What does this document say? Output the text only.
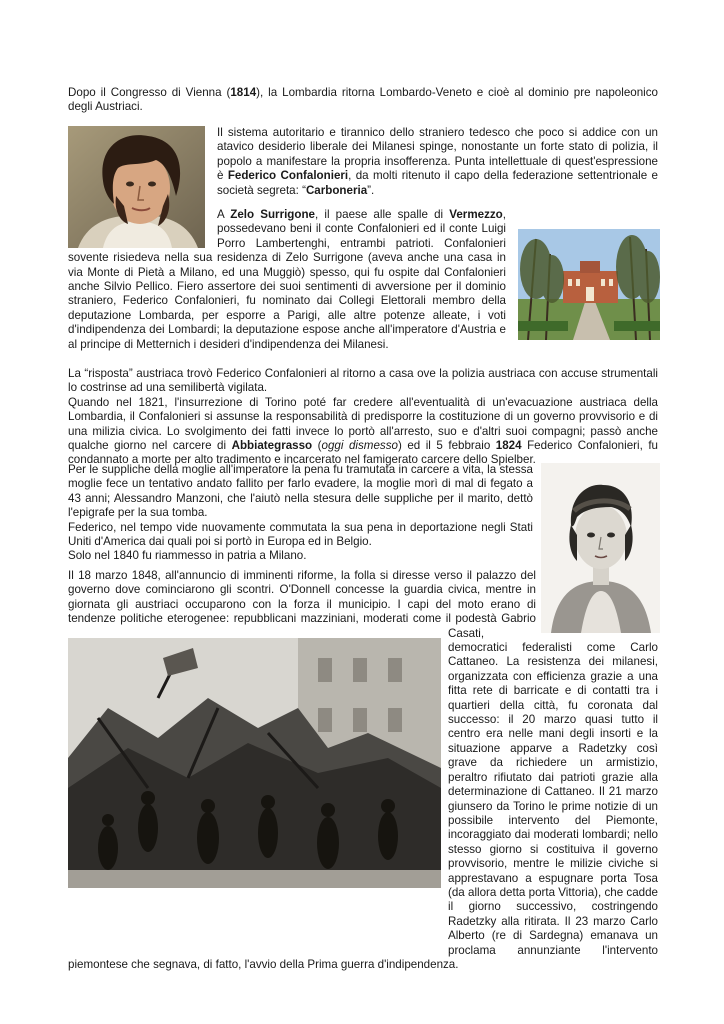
Dopo il Congresso di Vienna (1814), la Lombardia ritorna Lombardo-Veneto e cioè al dominio pre napoleonico degli Austriaci.

Il sistema autoritario e tirannico dello straniero tedesco che poco si addice con un atavico desiderio liberale dei Milanesi spinge, nonostante un forte stato di polizia, il popolo a manifestare la propria insofferenza. Punta intellettuale di quest'espressione è Federico Confalonieri, da molti ritenuto il capo della federazione settentrionale e società segreta: “Carboneria”.

A Zelo Surrigone, il paese alle spalle di Vermezzo, possedevano beni il conte Confalonieri ed il conte Luigi Porro Lambertenghi, entrambi patrioti. Confalonieri sovente risiedeva nella sua residenza di Zelo Surrigone (aveva anche una casa in via Monte di Pietà a Milano, ed una Muggiò) spesso, qui fu ospite dal Confalonieri anche Silvio Pellico. Fiero assertore dei suoi sentimenti di avversione per il dominio straniero, Federico Confalonieri, fu nominato dai Collegi Elettorali membro della deputazione Lombarda, per esporre a Parigi, alle altre potenze alleate, i voti d'indipendenza dei Lombardi; la deputazione espose anche all'imperatore d'Austria e al principe di Metternich i desideri d'indipendenza dei Milanesi.

La “risposta” austriaca trovò Federico Confalonieri al ritorno a casa ove la polizia austriaca con accuse strumentali lo costrinse ad una semilibertà vigilata.

Quando nel 1821, l'insurrezione di Torino poté far credere all'eventualità di un'evacuazione austriaca della Lombardia, il Confalonieri si assunse la responsabilità di predisporre la costituzione di un governo provvisorio e di una milizia civica. Lo svolgimento dei fatti invece lo portò all'arresto, suo e d'altri suoi compagni; passò anche qualche giorno nel carcere di Abbiategrasso (oggi dismesso) ed il 5 febbraio 1824 Federico Confalonieri, fu condannato a morte per alto tradimento e incarcerato nel famigerato carcere dello Spielber.

Per le suppliche della moglie all'imperatore la pena fu tramutata in carcere a vita, la stessa moglie fece un tentativo andato fallito per farlo evadere, la moglie morì di mal di fegato a 43 anni; Alessandro Manzoni, che l'aiutò nella stesura delle suppliche per il marito, dettò l'epigrafe per la sua tomba.

Federico, nel tempo vide nuovamente commutata la sua pena in deportazione negli Stati Uniti d'America dai quali poi si portò in Europa ed in Belgio.

Solo nel 1840 fu riammesso in patria a Milano.

Il 18 marzo 1848, all'annuncio di imminenti riforme, la folla si diresse verso il palazzo del governo dove cominciarono gli scontri. O'Donnell concesse la guardia civica, mentre in giornata gli austriaci occuparono con la forza il municipio. I capi del moto erano di tendenze politiche eterogenee: repubblicani mazziniani, moderati come il podestà Gabrio Casati, democratici federalisti come Carlo Cattaneo. La resistenza dei milanesi, organizzata con efficienza grazie a una fitta rete di barricate e di contatti tra i quartieri della città, fu coronata dal successo: il 20 marzo quasi tutto il centro era nelle mani degli insorti e la situazione apparve a Radetzky così grave da richiedere un armistizio, peraltro rifiutato dai patrioti grazie alla determinazione di Cattaneo. Il 21 marzo giunsero da Torino le prime notizie di un possibile intervento del Piemonte, incoraggiato dai moderati lombardi; nello stesso giorno si costituiva il governo provvisorio, mentre le milizie civiche si apprestavano a espugnare porta Tosa (da allora detta porta Vittoria), che cadde il giorno successivo, costringendo Radetzky alla ritirata. Il 23 marzo Carlo Alberto (re di Sardegna) emanava un proclama annunziante l'intervento piemontese che segnava, di fatto, l'avvio della Prima guerra d'indipendenza.
